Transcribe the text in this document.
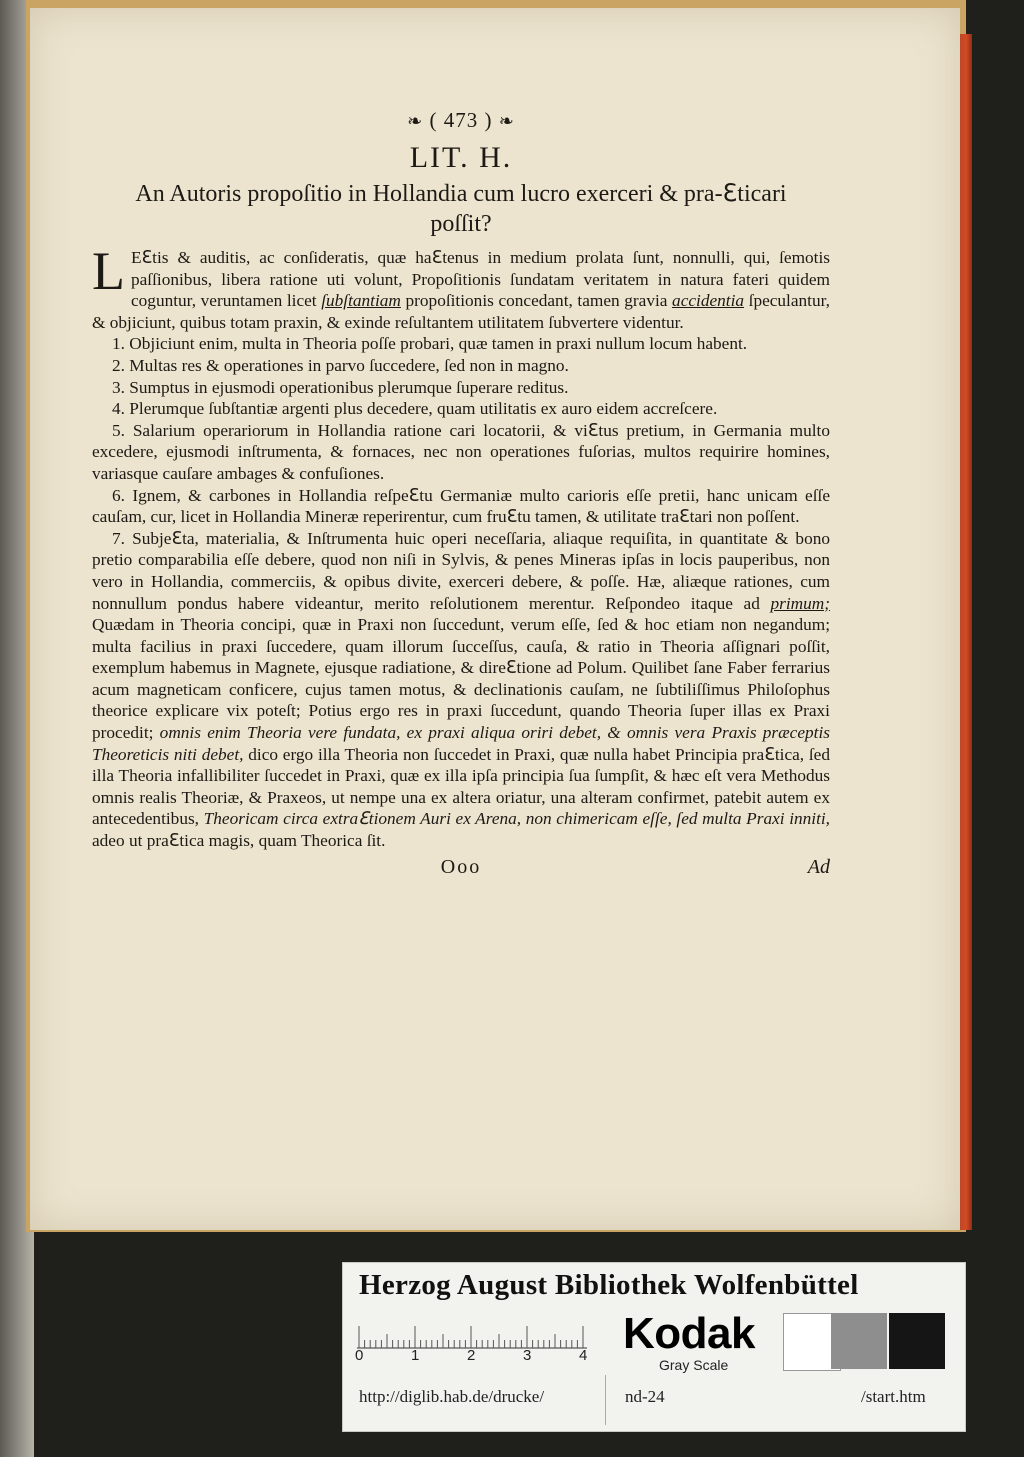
❧ ( 473 ) ❧
LIT. H.
An Autoris propoſitio in Hollandia cum lucro exerceri & pra-ℇticari poſſit?

L Eℇtis & auditis, ac conſideratis, quæ haℇtenus in medium prolata ſunt, nonnulli, qui, ſemotis paſſionibus, libera ratione uti volunt, Propoſitionis ſundatam veritatem in natura fateri quidem coguntur, veruntamen licet ſubſtantiam propoſitionis concedant, tamen gravia accidentia ſpeculantur, & objiciunt, quibus totam praxin, & exinde reſultantem utilitatem ſubvertere videntur.

1. Objiciunt enim, multa in Theoria poſſe probari, quæ tamen in praxi nullum locum habent.

2. Multas res & operationes in parvo ſuccedere, ſed non in magno.

3. Sumptus in ejusmodi operationibus plerumque ſuperare reditus.

4. Plerumque ſubſtantiæ argenti plus decedere, quam utilitatis ex auro eidem accreſcere.

5. Salarium operariorum in Hollandia ratione cari locatorii, & viℇtus pretium, in Germania multo excedere, ejusmodi inſtrumenta, & fornaces, nec non operationes fuſorias, multos requirire homines, variasque cauſare ambages & confuſiones.

6. Ignem, & carbones in Hollandia reſpeℇtu Germaniæ multo carioris eſſe pretii, hanc unicam eſſe cauſam, cur, licet in Hollandia Mineræ reperirentur, cum fruℇtu tamen, & utilitate traℇtari non poſſent.

7. Subjeℇta, materialia, & Inſtrumenta huic operi neceſſaria, aliaque requiſita, in quantitate & bono pretio comparabilia eſſe debere, quod non niſi in Sylvis, & penes Mineras ipſas in locis pauperibus, non vero in Hollandia, commerciis, & opibus divite, exerceri debere, & poſſe. Hæ, aliæque rationes, cum nonnullum pondus habere videantur, merito reſolutionem merentur. Reſpondeo itaque ad primum; Quædam in Theoria concipi, quæ in Praxi non ſuccedunt, verum eſſe, ſed & hoc etiam non negandum; multa facilius in praxi ſuccedere, quam illorum ſucceſſus, cauſa, & ratio in Theoria aſſignari poſſit, exemplum habemus in Magnete, ejusque radiatione, & direℇtione ad Polum. Quilibet ſane Faber ferrarius acum magneticam conficere, cujus tamen motus, & declinationis cauſam, ne ſubtiliſſimus Philoſophus theorice explicare vix poteſt; Potius ergo res in praxi ſuccedunt, quando Theoria ſuper illas ex Praxi procedit; omnis enim Theoria vere fundata, ex praxi aliqua oriri debet, & omnis vera Praxis præceptis Theoreticis niti debet, dico ergo illa Theoria non ſuccedet in Praxi, quæ nulla habet Principia praℇtica, ſed illa Theoria infallibiliter ſuccedet in Praxi, quæ ex illa ipſa principia ſua ſumpſit, & hæc eſt vera Methodus omnis realis Theoriæ, & Praxeos, ut nempe una ex altera oriatur, una alteram confirmet, patebit autem ex antecedentibus, Theoricam circa extraℇtionem Auri ex Arena, non chimericam eſſe, ſed multa Praxi inniti, adeo ut praℇtica magis, quam Theorica ſit.

Ooo	Ad
Herzog August Bibliothek Wolfenbüttel
0	1	2	3	4 Kodak
Gray Scale
http://diglib.hab.de/drucke/	nd-24	/start.htm
